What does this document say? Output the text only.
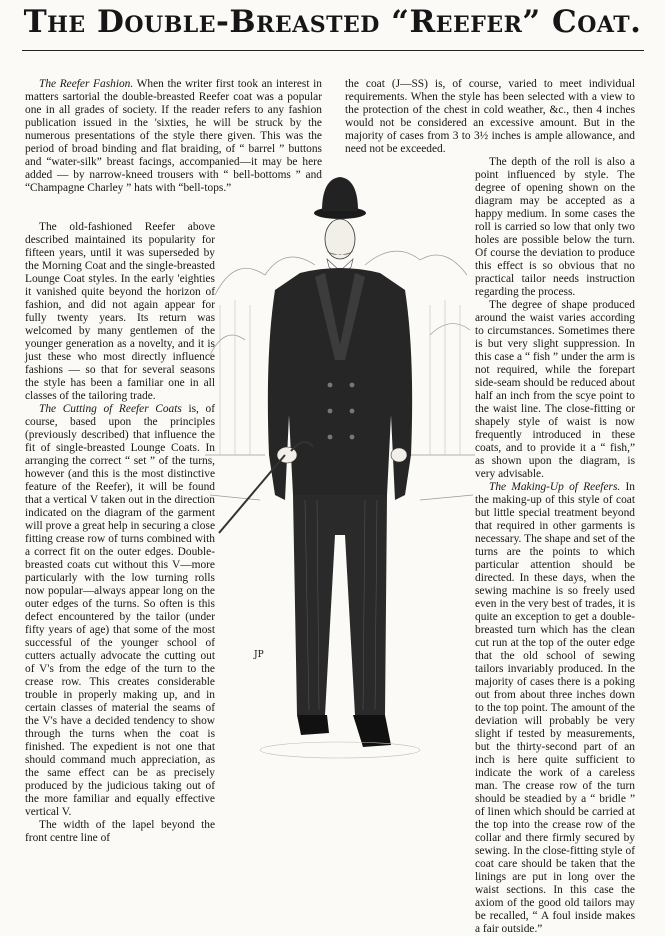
The Double-Breasted “Reefer” Coat.

The Reefer Fashion. When the writer first took an interest in matters sartorial the double-breasted Reefer coat was a popular one in all grades of society. If the reader refers to any fashion publication issued in the 'sixties, he will be struck by the numerous presentations of the style there given. This was the period of broad binding and flat braiding, of “ barrel ” buttons and “water-silk” breast facings, accompanied—it may be here added — by narrow-kneed trousers with “ bell-bottoms ” and “Champagne Charley ” hats with “bell-tops.”

The old-fashioned Reefer above described maintained its popularity for fifteen years, until it was superseded by the Morning Coat and the single-breasted Lounge Coat styles. In the early 'eighties it vanished quite beyond the horizon of fashion, and did not again appear for fully twenty years. Its return was welcomed by many gentlemen of the younger generation as a novelty, and it is just these who most directly influence fashions — so that for several seasons the style has been a familiar one in all classes of the tailoring trade.

The Cutting of Reefer Coats is, of course, based upon the principles (previously described) that influence the fit of single-breasted Lounge Coats. In arranging the correct “ set ” of the turns, however (and this is the most distinctive feature of the Reefer), it will be found that a vertical V taken out in the direction indicated on the diagram of the garment will prove a great help in securing a close fitting crease row of turns combined with a correct fit on the outer edges. Double-breasted coats cut without this V—more particularly with the low turning rolls now popular—always appear long on the outer edges of the turns. So often is this defect encountered by the tailor (under fifty years of age) that some of the most successful of the younger school of cutters actually advocate the cutting out of V's from the edge of the turn to the crease row. This creates considerable trouble in properly making up, and in certain classes of material the seams of the V's have a decided tendency to show through the turns when the coat is finished. The expedient is not one that should command much appreciation, as the same effect can be as precisely produced by the judicious taking out of the more familiar and equally effective vertical V.

The width of the lapel beyond the front centre line of

the coat (J—SS) is, of course, varied to meet individual requirements. When the style has been selected with a view to the protection of the chest in cold weather, &c., then 4 inches would not be considered an excessive amount. But in the majority of cases from 3 to 3½ inches is ample allowance, and need not be exceeded.

The depth of the roll is also a point influenced by style. The degree of opening shown on the diagram may be accepted as a happy medium. In some cases the roll is carried so low that only two holes are possible below the turn. Of course the deviation to produce this effect is so obvious that no practical tailor needs instruction regarding the process.

The degree of shape produced around the waist varies according to circumstances. Sometimes there is but very slight suppression. In this case a “ fish ” under the arm is not required, while the forepart side-seam should be reduced about half an inch from the scye point to the waist line. The close-fitting or shapely style of waist is now frequently introduced in these coats, and to provide it a “ fish,” as shown upon the diagram, is very advisable.

The Making-Up of Reefers. In the making-up of this style of coat but little special treatment beyond that required in other garments is necessary. The shape and set of the turns are the points to which particular attention should be directed. In these days, when the sewing machine is so freely used even in the very best of trades, it is quite an exception to get a double-breasted turn which has the clean cut run at the top of the outer edge that the old school of sewing tailors invariably produced. In the majority of cases there is a poking out from about three inches down to the top point. The amount of the deviation will probably be very slight if tested by measurements, but the thirty-second part of an inch is here quite sufficient to indicate the work of a careless man. The crease row of the turn should be steadied by a “ bridle ” of linen which should be carried at the top into the crease row of the collar and there firmly secured by sewing. In the close-fitting style of coat care should be taken that the linings are put in long over the waist sections. In this case the axiom of the good old tailors may be recalled, “ A foul inside makes a fair outside.”

JP
